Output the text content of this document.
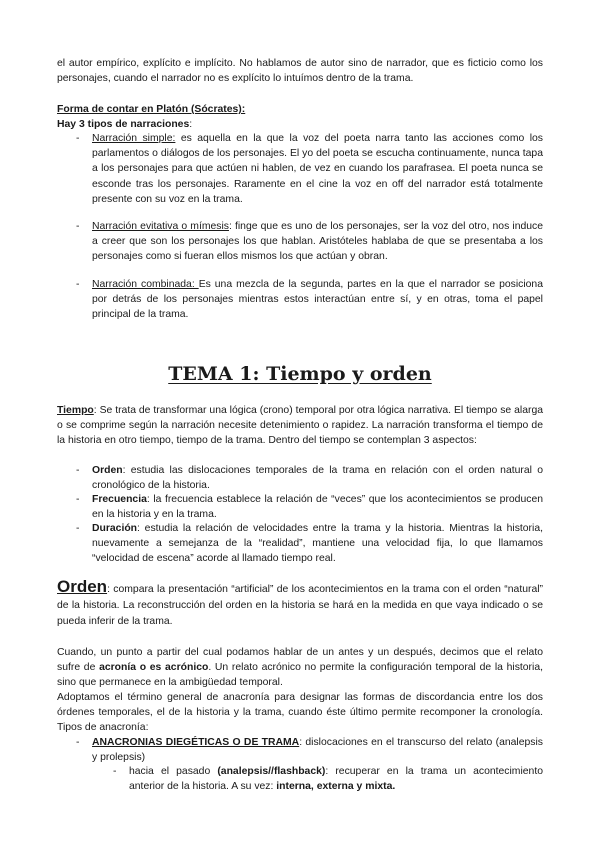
el autor empírico, explícito e implícito. No hablamos de autor sino de narrador, que es ficticio como los personajes, cuando el narrador no es explícito lo intuímos dentro de la trama.

Forma de contar en Platón (Sócrates):
Hay 3 tipos de narraciones:
- Narración simple: es aquella en la que la voz del poeta narra tanto las acciones como los parlamentos o diálogos de los personajes. El yo del poeta se escucha continuamente, nunca tapa a los personajes para que actúen ni hablen, de vez en cuando los parafrasea. El poeta nunca se esconde tras los personajes. Raramente en el cine la voz en off del narrador está totalmente presente con su voz en la trama.

- Narración evitativa o mímesis: finge que es uno de los personajes, ser la voz del otro, nos induce a creer que son los personajes los que hablan. Aristóteles hablaba de que se presentaba a los personajes como si fueran ellos mismos los que actúan y obran.

- Narración combinada: Es una mezcla de la segunda, partes en la que el narrador se posiciona por detrás de los personajes mientras estos interactúan entre sí, y en otras, toma el papel principal de la trama.

TEMA 1: Tiempo y orden

Tiempo: Se trata de transformar una lógica (crono) temporal por otra lógica narrativa. El tiempo se alarga o se comprime según la narración necesite detenimiento o rapidez. La narración transforma el tiempo de la historia en otro tiempo, tiempo de la trama. Dentro del tiempo se contemplan 3 aspectos:

- Orden: estudia las dislocaciones temporales de la trama en relación con el orden natural o cronológico de la historia.

- Frecuencia: la frecuencia establece la relación de “veces” que los acontecimientos se producen en la historia y en la trama.

- Duración: estudia la relación de velocidades entre la trama y la historia. Mientras la historia, nuevamente a semejanza de la “realidad”, mantiene una velocidad fija, lo que llamamos “velocidad de escena” acorde al llamado tiempo real.

Orden: compara la presentación “artificial” de los acontecimientos en la trama con el orden “natural” de la historia. La reconstrucción del orden en la historia se hará en la medida en que vaya indicado o se pueda inferir de la trama.

Cuando, un punto a partir del cual podamos hablar de un antes y un después, decimos que el relato sufre de acronía o es acrónico. Un relato acrónico no permite la configuración temporal de la historia, sino que permanece en la ambigüedad temporal.

Adoptamos el término general de anacronía para designar las formas de discordancia entre los dos órdenes temporales, el de la historia y la trama, cuando éste último permite recomponer la cronología. Tipos de anacronía:

- ANACRONIAS DIEGÉTICAS O DE TRAMA: dislocaciones en el transcurso del relato (analepsis y prolepsis)

- hacia el pasado (analepsis//flashback): recuperar en la trama un acontecimiento anterior de la historia. A su vez: interna, externa y mixta.
